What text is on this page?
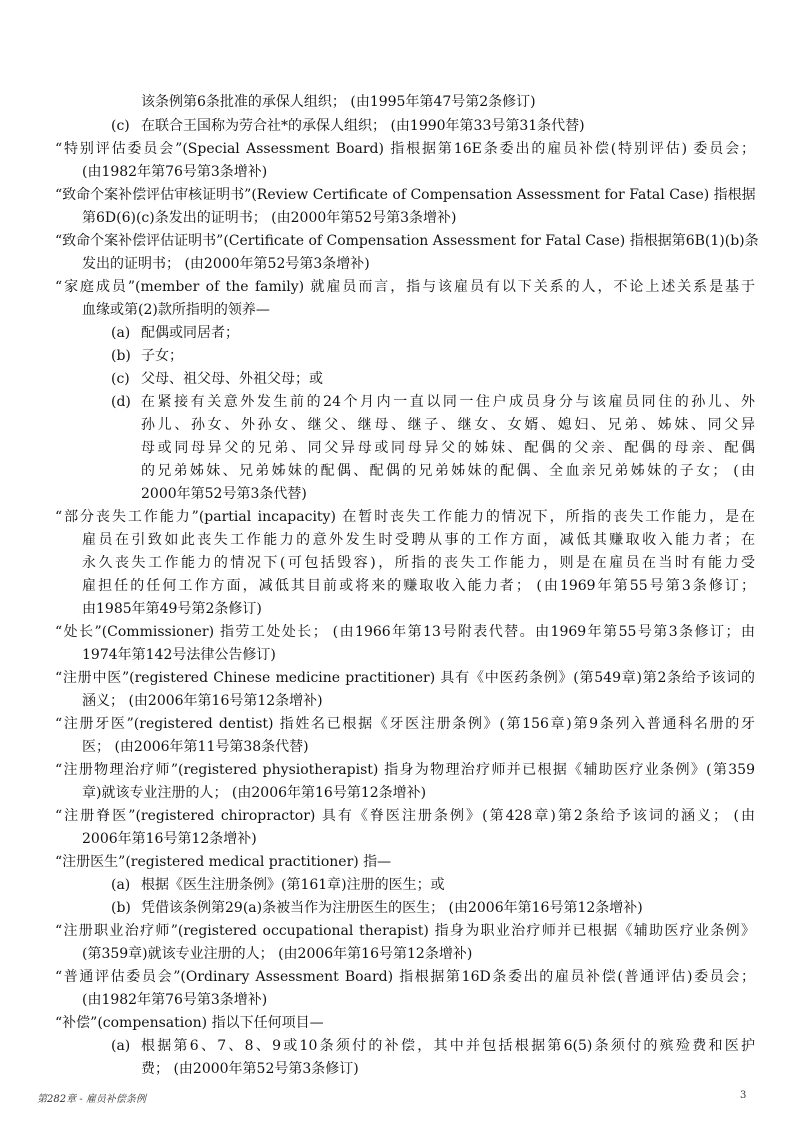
该条例第6条批准的承保人组织； (由1995年第47号第2条修订)
(c) 在联合王国称为劳合社*的承保人组织； (由1990年第33号第31条代替)
“特别评估委员会”(Special Assessment Board) 指根据第16E条委出的雇员补偿(特别评估) 委员会；
(由1982年第76号第3条增补)
“致命个案补偿评估审核证明书”(Review Certificate of Compensation Assessment for Fatal Case) 指根据
第6D(6)(c)条发出的证明书； (由2000年第52号第3条增补)
“致命个案补偿评估证明书”(Certificate of Compensation Assessment for Fatal Case) 指根据第6B(1)(b)条
发出的证明书； (由2000年第52号第3条增补)
“家庭成员”(member of the family) 就雇员而言，指与该雇员有以下关系的人，不论上述关系是基于
血缘或第(2)款所指明的领养—
(a) 配偶或同居者；
(b) 子女；
(c) 父母、祖父母、外祖父母；或
(d) 在紧接有关意外发生前的24个月内一直以同一住户成员身分与该雇员同住的孙儿、外
孙儿、孙女、外孙女、继父、继母、继子、继女、女婿、媳妇、兄弟、姊妹、同父异
母或同母异父的兄弟、同父异母或同母异父的姊妹、配偶的父亲、配偶的母亲、配偶
的兄弟姊妹、兄弟姊妹的配偶、配偶的兄弟姊妹的配偶、全血亲兄弟姊妹的子女； (由
2000年第52号第3条代替)
“部分丧失工作能力”(partial incapacity) 在暂时丧失工作能力的情况下，所指的丧失工作能力，是在
雇员在引致如此丧失工作能力的意外发生时受聘从事的工作方面，减低其赚取收入能力者；在
永久丧失工作能力的情况下(可包括毁容)，所指的丧失工作能力，则是在雇员在当时有能力受
雇担任的任何工作方面，减低其目前或将来的赚取收入能力者； (由1969年第55号第3条修订；
由1985年第49号第2条修订)
“处长”(Commissioner) 指劳工处处长； (由1966年第13号附表代替。由1969年第55号第3条修订；由
1974年第142号法律公告修订)
“注册中医”(registered Chinese medicine practitioner) 具有《中医药条例》(第549章)第2条给予该词的
涵义； (由2006年第16号第12条增补)
“注册牙医”(registered dentist) 指姓名已根据《牙医注册条例》(第156章)第9条列入普通科名册的牙
医； (由2006年第11号第38条代替)
“注册物理治疗师”(registered physiotherapist) 指身为物理治疗师并已根据《辅助医疗业条例》(第359
章)就该专业注册的人； (由2006年第16号第12条增补)
“注册脊医”(registered chiropractor) 具有《脊医注册条例》(第428章)第2条给予该词的涵义； (由
2006年第16号第12条增补)
“注册医生”(registered medical practitioner) 指—
(a) 根据《医生注册条例》(第161章)注册的医生；或
(b) 凭借该条例第29(a)条被当作为注册医生的医生； (由2006年第16号第12条增补)
“注册职业治疗师”(registered occupational therapist) 指身为职业治疗师并已根据《辅助医疗业条例》
(第359章)就该专业注册的人； (由2006年第16号第12条增补)
“普通评估委员会”(Ordinary Assessment Board) 指根据第16D条委出的雇员补偿(普通评估)委员会；
(由1982年第76号第3条增补)
“补偿”(compensation) 指以下任何项目—
(a) 根据第6、7、8、9或10条须付的补偿，其中并包括根据第6(5)条须付的殡殓费和医护
费； (由2000年第52号第3条修订)
第282章 - 雇员补偿条例	3
